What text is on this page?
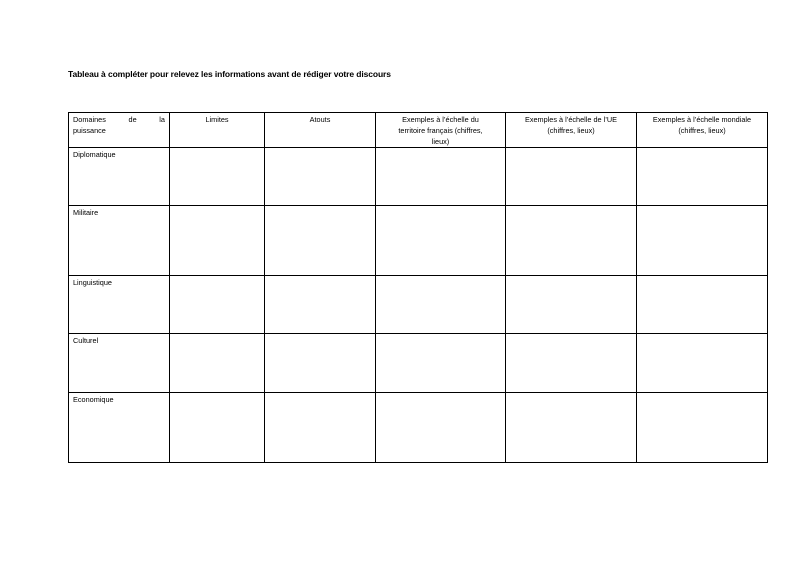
Tableau à compléter pour relevez les informations avant de rédiger votre discours
Domaines de la
puissance	Limites	Atouts	Exemples à l’échelle du
territoire français (chiffres,
lieux)	Exemples à l’échelle de l’UE
(chiffres, lieux)	Exemples à l’échelle mondiale
(chiffres, lieux)

Diplomatique					

Militaire					

Linguistique					

Culturel					

Economique					
